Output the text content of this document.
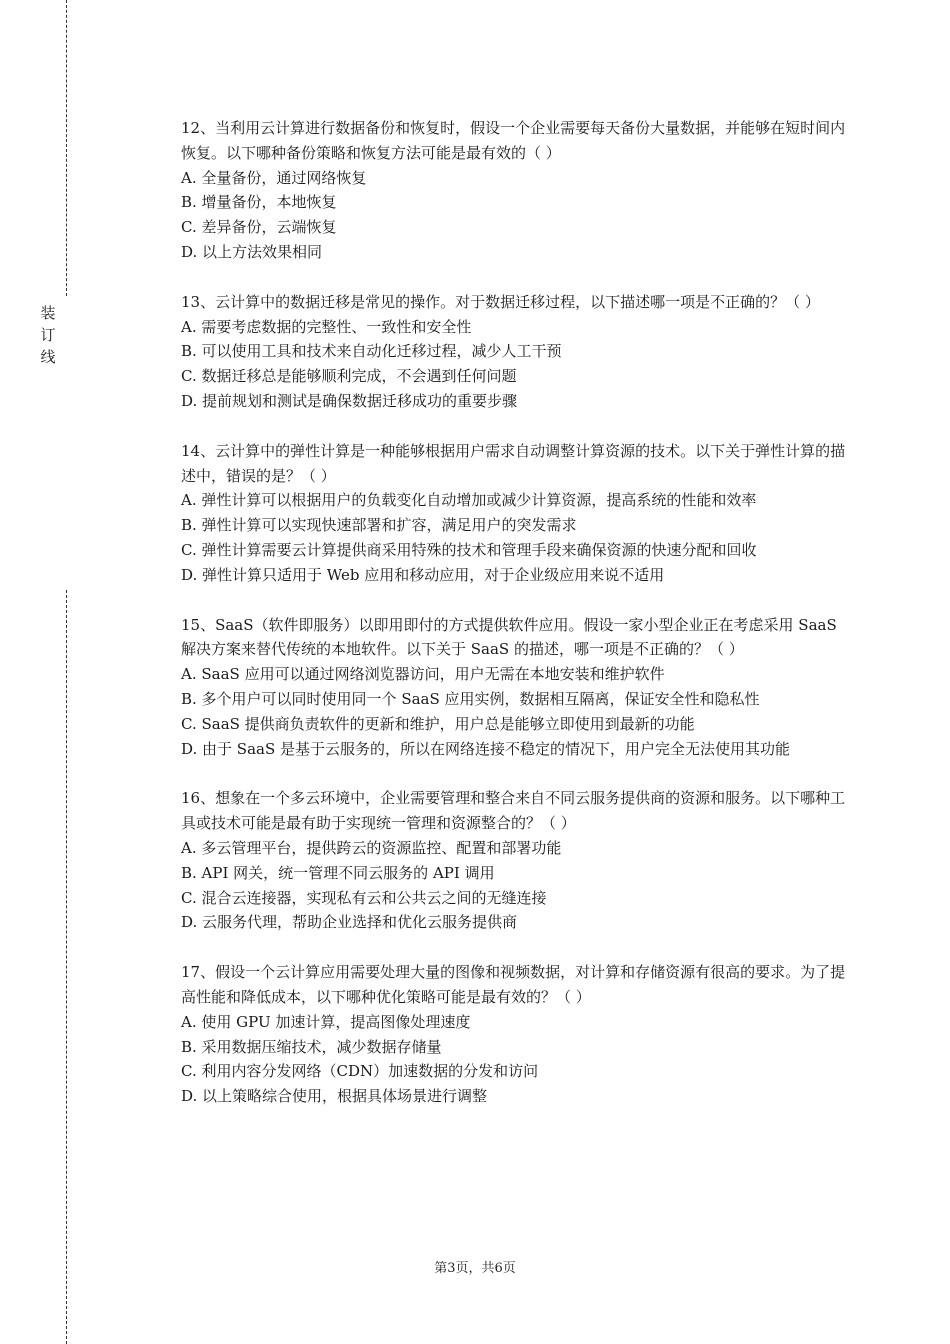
装
订
线

12、当利用云计算进行数据备份和恢复时，假设一个企业需要每天备份大量数据，并能够在短时间内恢复。以下哪种备份策略和恢复方法可能是最有效的（ ）

A. 全量备份，通过网络恢复

B. 增量备份，本地恢复

C. 差异备份，云端恢复

D. 以上方法效果相同

13、云计算中的数据迁移是常见的操作。对于数据迁移过程，以下描述哪一项是不正确的？（ ）

A. 需要考虑数据的完整性、一致性和安全性

B. 可以使用工具和技术来自动化迁移过程，减少人工干预

C. 数据迁移总是能够顺利完成，不会遇到任何问题

D. 提前规划和测试是确保数据迁移成功的重要步骤

14、云计算中的弹性计算是一种能够根据用户需求自动调整计算资源的技术。以下关于弹性计算的描述中，错误的是？（ ）

A. 弹性计算可以根据用户的负载变化自动增加或减少计算资源，提高系统的性能和效率

B. 弹性计算可以实现快速部署和扩容，满足用户的突发需求

C. 弹性计算需要云计算提供商采用特殊的技术和管理手段来确保资源的快速分配和回收

D. 弹性计算只适用于 Web 应用和移动应用，对于企业级应用来说不适用

15、SaaS（软件即服务）以即用即付的方式提供软件应用。假设一家小型企业正在考虑采用 SaaS 解决方案来替代传统的本地软件。以下关于 SaaS 的描述，哪一项是不正确的？（ ）

A. SaaS 应用可以通过网络浏览器访问，用户无需在本地安装和维护软件

B. 多个用户可以同时使用同一个 SaaS 应用实例，数据相互隔离，保证安全性和隐私性

C. SaaS 提供商负责软件的更新和维护，用户总是能够立即使用到最新的功能

D. 由于 SaaS 是基于云服务的，所以在网络连接不稳定的情况下，用户完全无法使用其功能

16、想象在一个多云环境中，企业需要管理和整合来自不同云服务提供商的资源和服务。以下哪种工具或技术可能是最有助于实现统一管理和资源整合的？（ ）

A. 多云管理平台，提供跨云的资源监控、配置和部署功能

B. API 网关，统一管理不同云服务的 API 调用

C. 混合云连接器，实现私有云和公共云之间的无缝连接

D. 云服务代理，帮助企业选择和优化云服务提供商

17、假设一个云计算应用需要处理大量的图像和视频数据，对计算和存储资源有很高的要求。为了提高性能和降低成本，以下哪种优化策略可能是最有效的？（ ）

A. 使用 GPU 加速计算，提高图像处理速度

B. 采用数据压缩技术，减少数据存储量

C. 利用内容分发网络（CDN）加速数据的分发和访问

D. 以上策略综合使用，根据具体场景进行调整

第3页，共6页
